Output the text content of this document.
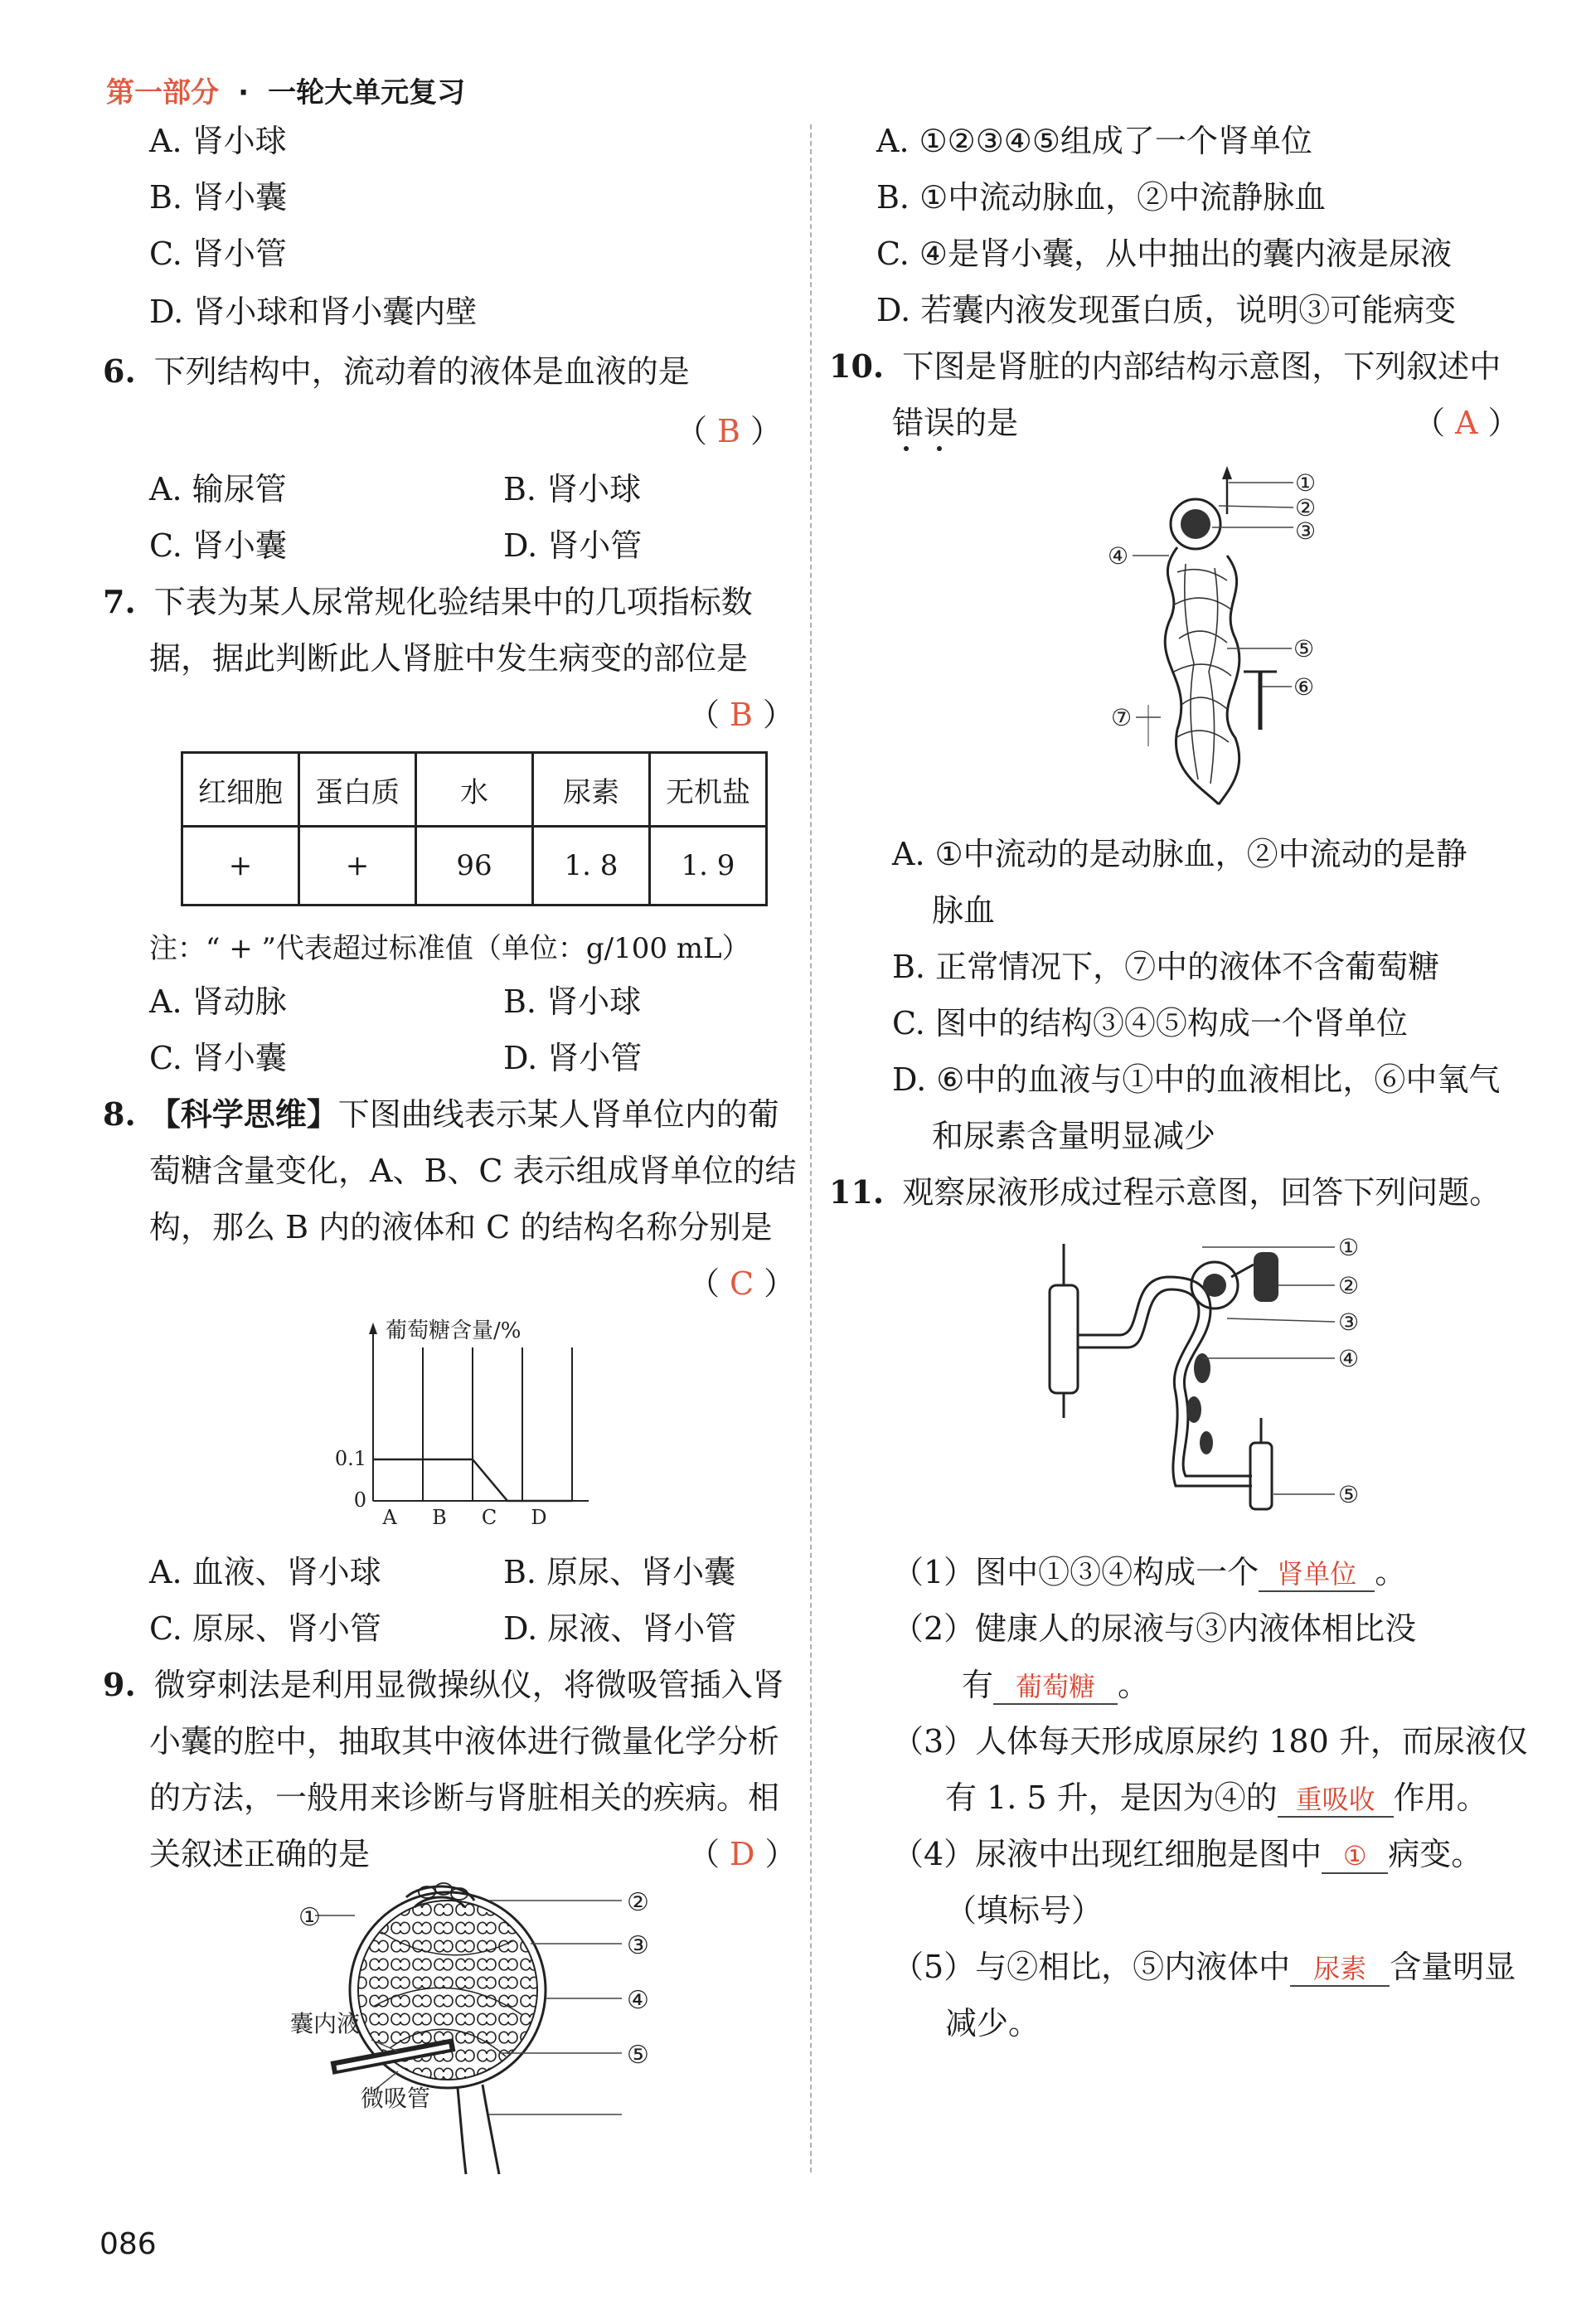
第一部分 · 一轮大单元复习
A. 肾小球
B. 肾小囊
C. 肾小管
D. 肾小球和肾小囊内壁
6. 下列结构中，流动着的液体是血液的是
（ B ）
A. 输尿管	B. 肾小球
C. 肾小囊	D. 肾小管
7. 下表为某人尿常规化验结果中的几项指标数
据，据此判断此人肾脏中发生病变的部位是
（ B ）
红细胞	蛋白质	水	尿素	无机盐
+	+	96	1. 8	1. 9
注：“ + ”代表超过标准值（单位：g/100 mL）
A. 肾动脉	B. 肾小球
C. 肾小囊	D. 肾小管
8. 【科学思维】下图曲线表示某人肾单位内的葡
萄糖含量变化，A、B、C 表示组成肾单位的结
构，那么 B 内的液体和 C 的结构名称分别是
（ C ）
葡萄糖含量/%
0.1
0
A B C D
A. 血液、肾小球	B. 原尿、肾小囊
C. 原尿、肾小管	D. 尿液、肾小管
9. 微穿刺法是利用显微操纵仪，将微吸管插入肾
小囊的腔中，抽取其中液体进行微量化学分析
的方法，一般用来诊断与肾脏相关的疾病。相
关叙述正确的是	（ D ）
①
②
③
④
⑤
囊内液
微吸管
A. ①②③④⑤组成了一个肾单位
B. ①中流动脉血，②中流静脉血
C. ④是肾小囊，从中抽出的囊内液是尿液
D. 若囊内液发现蛋白质，说明③可能病变
10. 下图是肾脏的内部结构示意图，下列叙述中
错误的是	（ A ）
①
②
③
④
⑤
⑥
⑦
A. ①中流动的是动脉血，②中流动的是静
脉血
B. 正常情况下，⑦中的液体不含葡萄糖
C. 图中的结构③④⑤构成一个肾单位
D. ⑥中的血液与①中的血液相比，⑥中氧气
和尿素含量明显减少
11. 观察尿液形成过程示意图，回答下列问题。
①
②
③
④
⑤
（1）图中①③④构成一个 肾单位 。
（2）健康人的尿液与③内液体相比没
有 葡萄糖 。
（3）人体每天形成原尿约 180 升，而尿液仅
有 1. 5 升，是因为④的 重吸收 作用。
（4）尿液中出现红细胞是图中 ① 病变。
（填标号）
（5）与②相比，⑤内液体中 尿素 含量明显
减少。
086
